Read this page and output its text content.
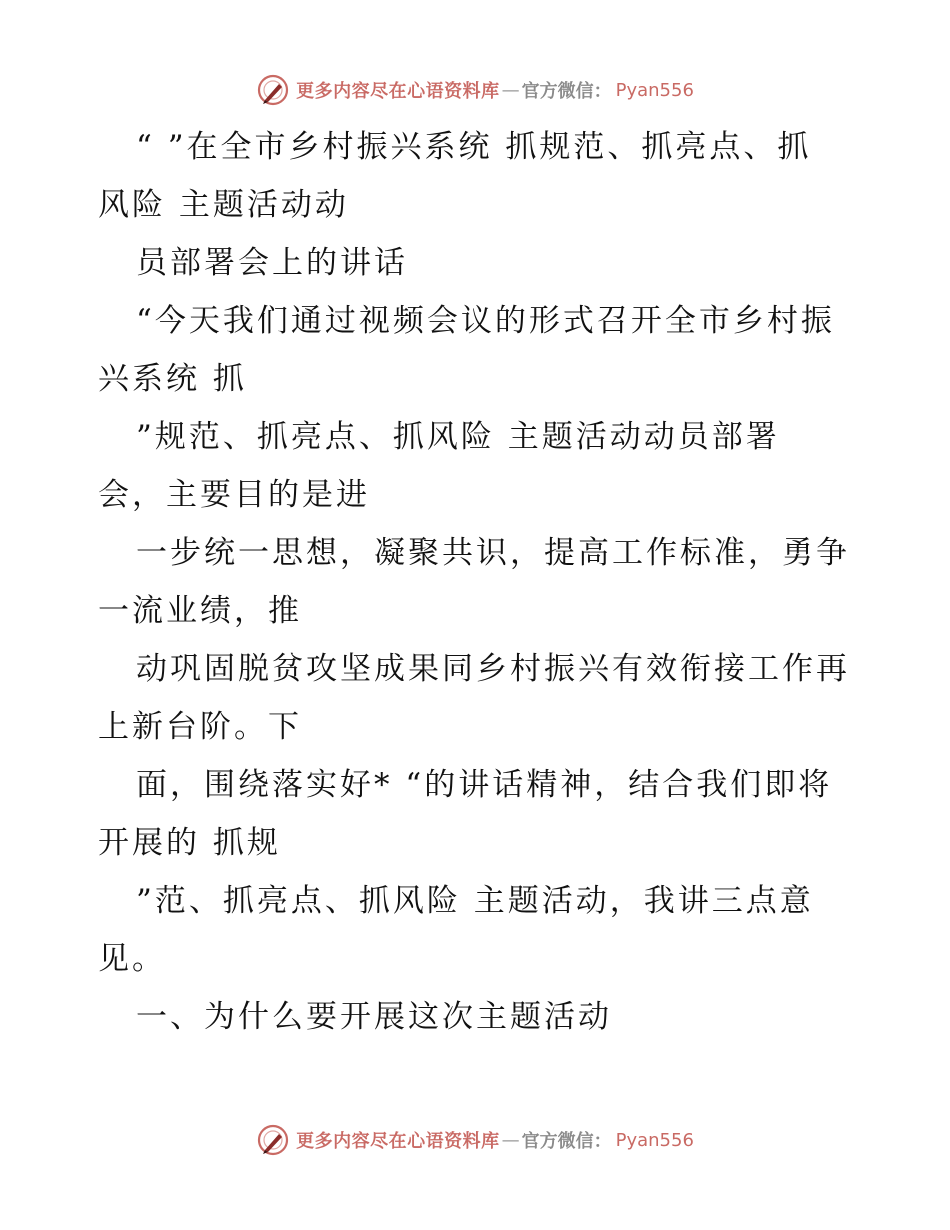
更多内容尽在心语资料库 — 官方微信： Pyan556
“ ”在全市乡村振兴系统 抓规范、抓亮点、抓
风险 主题活动动
员部署会上的讲话
“今天我们通过视频会议的形式召开全市乡村振
兴系统 抓
”规范、抓亮点、抓风险 主题活动动员部署
会，主要目的是进
一步统一思想，凝聚共识，提高工作标准，勇争
一流业绩，推
动巩固脱贫攻坚成果同乡村振兴有效衔接工作再
上新台阶。下
面，围绕落实好* “的讲话精神，结合我们即将
开展的 抓规
”范、抓亮点、抓风险 主题活动，我讲三点意
见。
一、为什么要开展这次主题活动
更多内容尽在心语资料库 — 官方微信： Pyan556
